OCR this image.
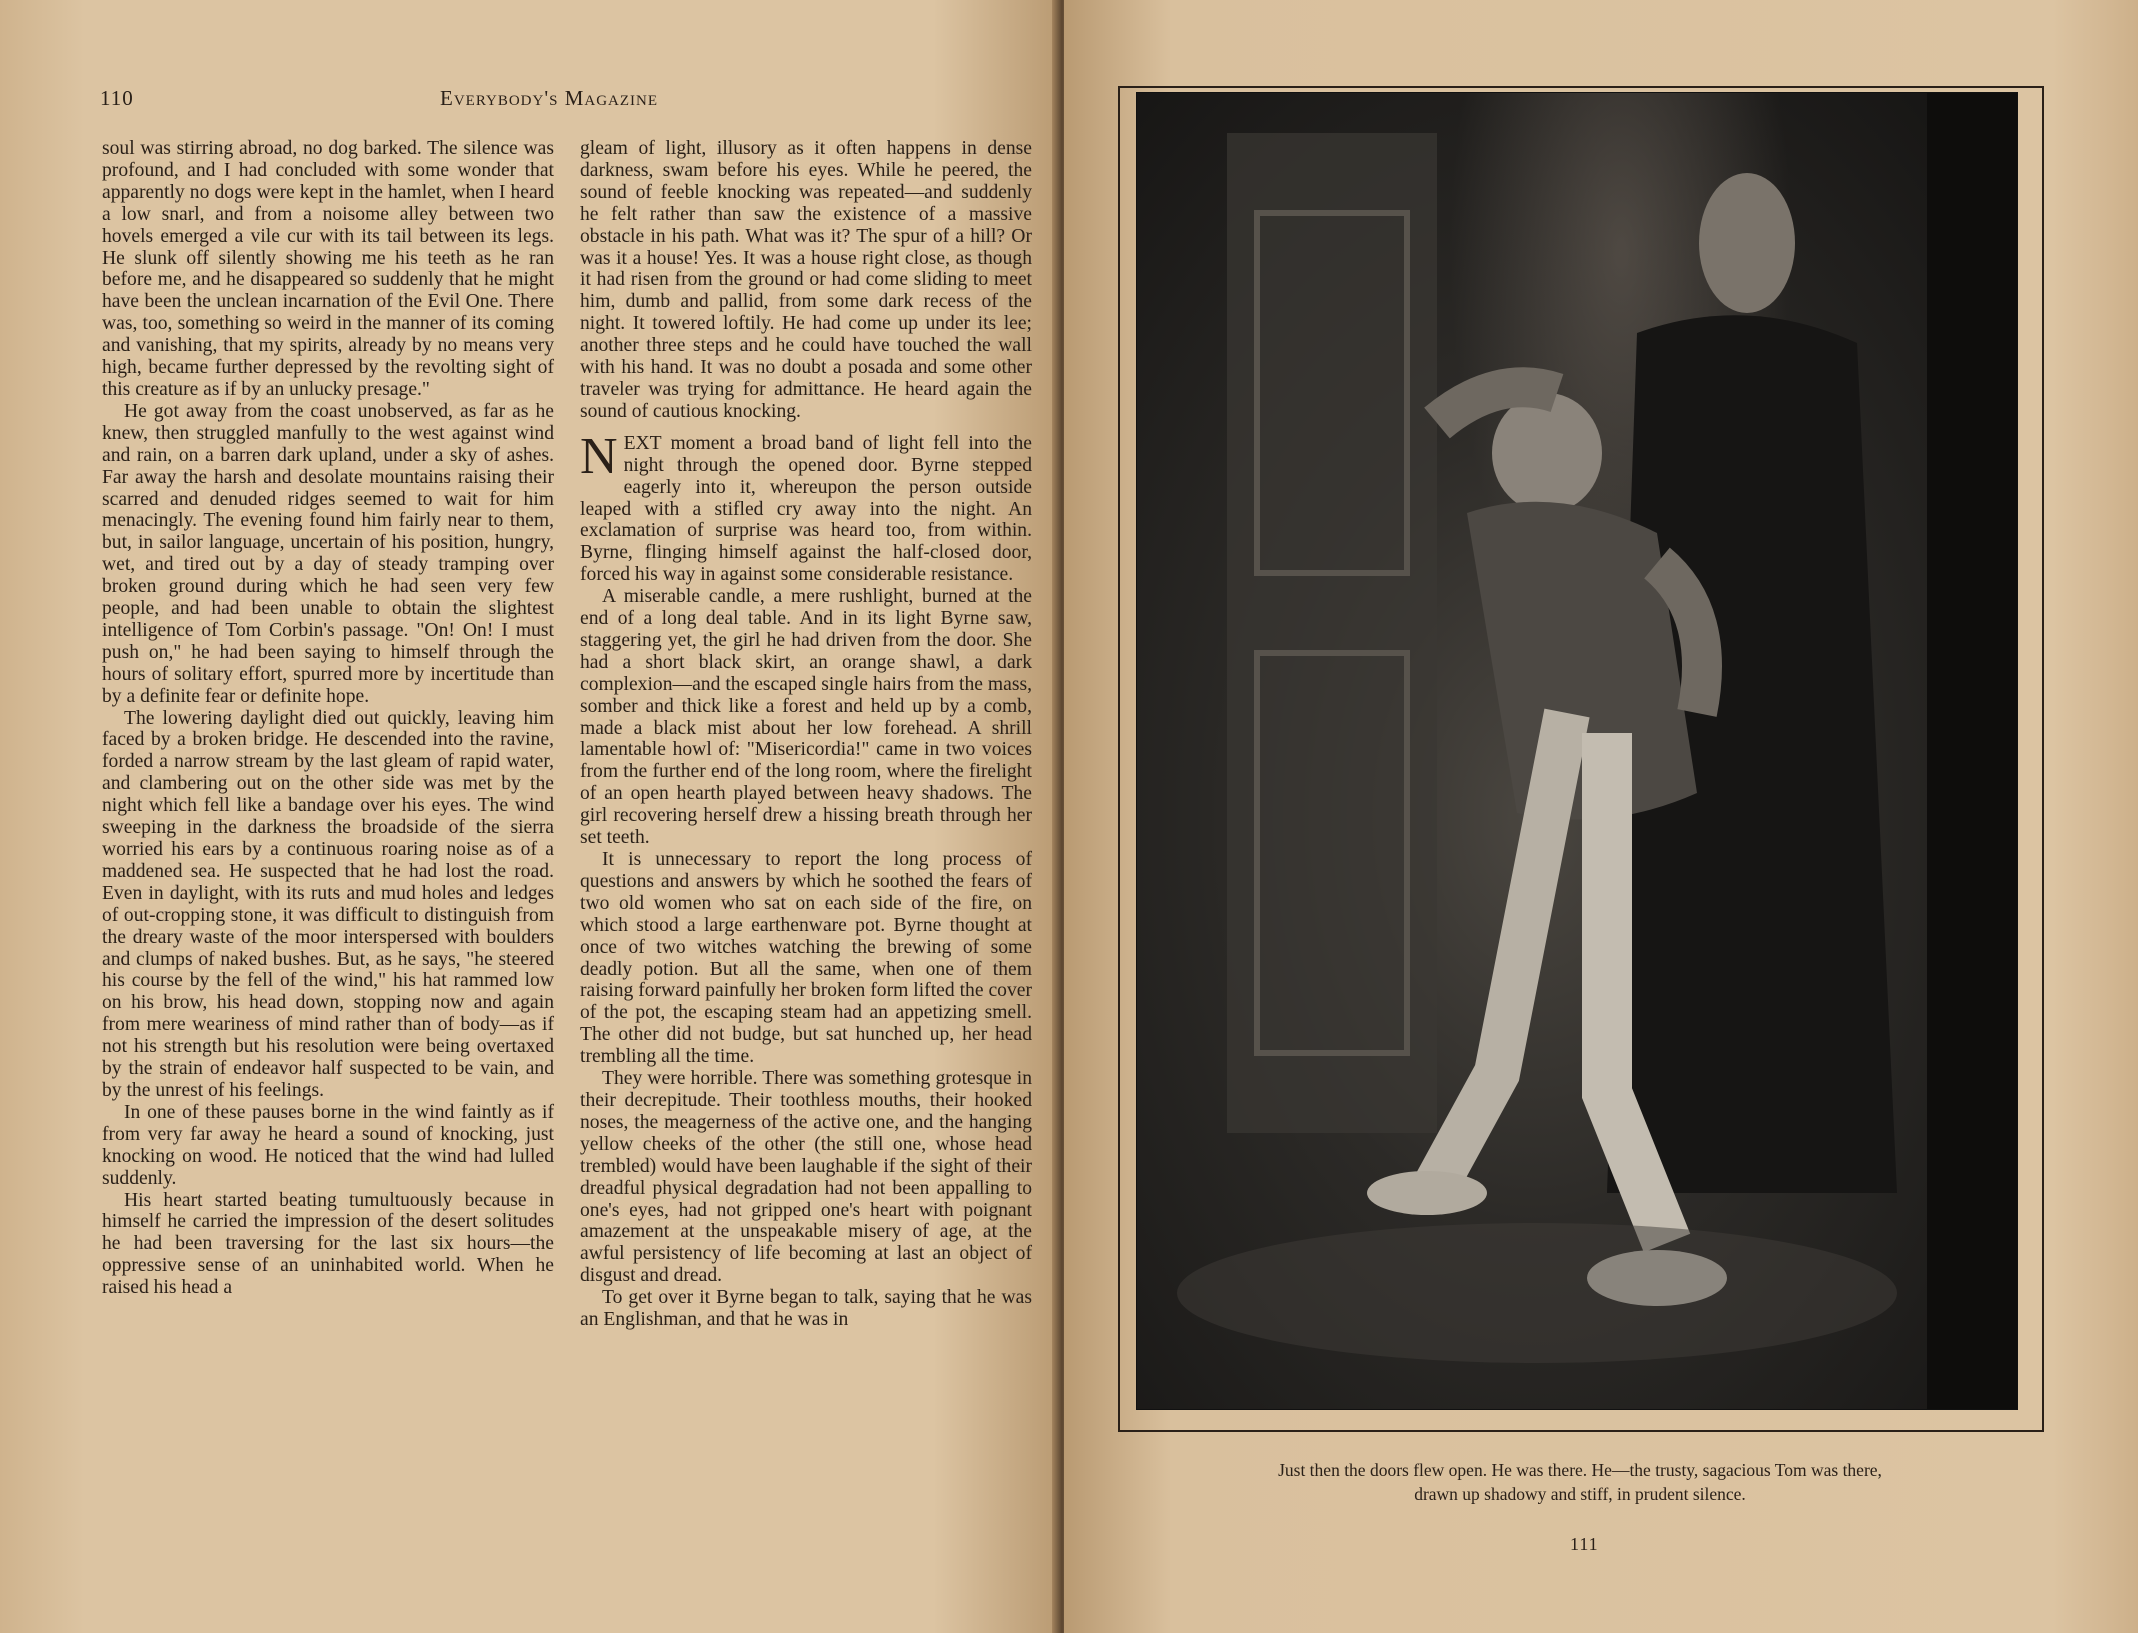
110	Everybody's Magazine

soul was stirring abroad, no dog barked. The silence was profound, and I had concluded with some wonder that apparently no dogs were kept in the hamlet, when I heard a low snarl, and from a noisome alley between two hovels emerged a vile cur with its tail between its legs. He slunk off silently showing me his teeth as he ran before me, and he disappeared so suddenly that he might have been the unclean incarnation of the Evil One. There was, too, something so weird in the manner of its coming and vanishing, that my spirits, already by no means very high, became further depressed by the revolting sight of this creature as if by an unlucky presage."

He got away from the coast unobserved, as far as he knew, then struggled manfully to the west against wind and rain, on a barren dark upland, under a sky of ashes. Far away the harsh and desolate mountains raising their scarred and denuded ridges seemed to wait for him menacingly. The evening found him fairly near to them, but, in sailor language, uncertain of his position, hungry, wet, and tired out by a day of steady tramping over broken ground during which he had seen very few people, and had been unable to obtain the slightest intelligence of Tom Corbin's passage. "On! On! I must push on," he had been saying to himself through the hours of solitary effort, spurred more by incertitude than by a definite fear or definite hope.

The lowering daylight died out quickly, leaving him faced by a broken bridge. He descended into the ravine, forded a narrow stream by the last gleam of rapid water, and clambering out on the other side was met by the night which fell like a bandage over his eyes. The wind sweeping in the darkness the broadside of the sierra worried his ears by a continuous roaring noise as of a maddened sea. He suspected that he had lost the road. Even in daylight, with its ruts and mud holes and ledges of out-cropping stone, it was difficult to distinguish from the dreary waste of the moor interspersed with boulders and clumps of naked bushes. But, as he says, "he steered his course by the fell of the wind," his hat rammed low on his brow, his head down, stopping now and again from mere weariness of mind rather than of body—as if not his strength but his resolution were being overtaxed by the strain of endeavor half suspected to be vain, and by the unrest of his feelings.

In one of these pauses borne in the wind faintly as if from very far away he heard a sound of knocking, just knocking on wood. He noticed that the wind had lulled suddenly.

His heart started beating tumultuously because in himself he carried the impression of the desert solitudes he had been traversing for the last six hours—the oppressive sense of an uninhabited world. When he raised his head a

gleam of light, illusory as it often happens in dense darkness, swam before his eyes. While he peered, the sound of feeble knocking was repeated—and suddenly he felt rather than saw the existence of a massive obstacle in his path. What was it? The spur of a hill? Or was it a house! Yes. It was a house right close, as though it had risen from the ground or had come sliding to meet him, dumb and pallid, from some dark recess of the night. It towered loftily. He had come up under its lee; another three steps and he could have touched the wall with his hand. It was no doubt a posada and some other traveler was trying for admittance. He heard again the sound of cautious knocking.

NEXT moment a broad band of light fell into the night through the opened door. Byrne stepped eagerly into it, whereupon the person outside leaped with a stifled cry away into the night. An exclamation of surprise was heard too, from within. Byrne, flinging himself against the half-closed door, forced his way in against some considerable resistance.

A miserable candle, a mere rushlight, burned at the end of a long deal table. And in its light Byrne saw, staggering yet, the girl he had driven from the door. She had a short black skirt, an orange shawl, a dark complexion—and the escaped single hairs from the mass, somber and thick like a forest and held up by a comb, made a black mist about her low forehead. A shrill lamentable howl of: "Misericordia!" came in two voices from the further end of the long room, where the firelight of an open hearth played between heavy shadows. The girl recovering herself drew a hissing breath through her set teeth.

It is unnecessary to report the long process of questions and answers by which he soothed the fears of two old women who sat on each side of the fire, on which stood a large earthenware pot. Byrne thought at once of two witches watching the brewing of some deadly potion. But all the same, when one of them raising forward painfully her broken form lifted the cover of the pot, the escaping steam had an appetizing smell. The other did not budge, but sat hunched up, her head trembling all the time.

They were horrible. There was something grotesque in their decrepitude. Their toothless mouths, their hooked noses, the meagerness of the active one, and the hanging yellow cheeks of the other (the still one, whose head trembled) would have been laughable if the sight of their dreadful physical degradation had not been appalling to one's eyes, had not gripped one's heart with poignant amazement at the unspeakable misery of age, at the awful persistency of life becoming at last an object of disgust and dread.

To get over it Byrne began to talk, saying that he was an Englishman, and that he was in

Just then the doors flew open. He was there. He—the trusty, sagacious Tom was there,
drawn up shadowy and stiff, in prudent silence.
111
